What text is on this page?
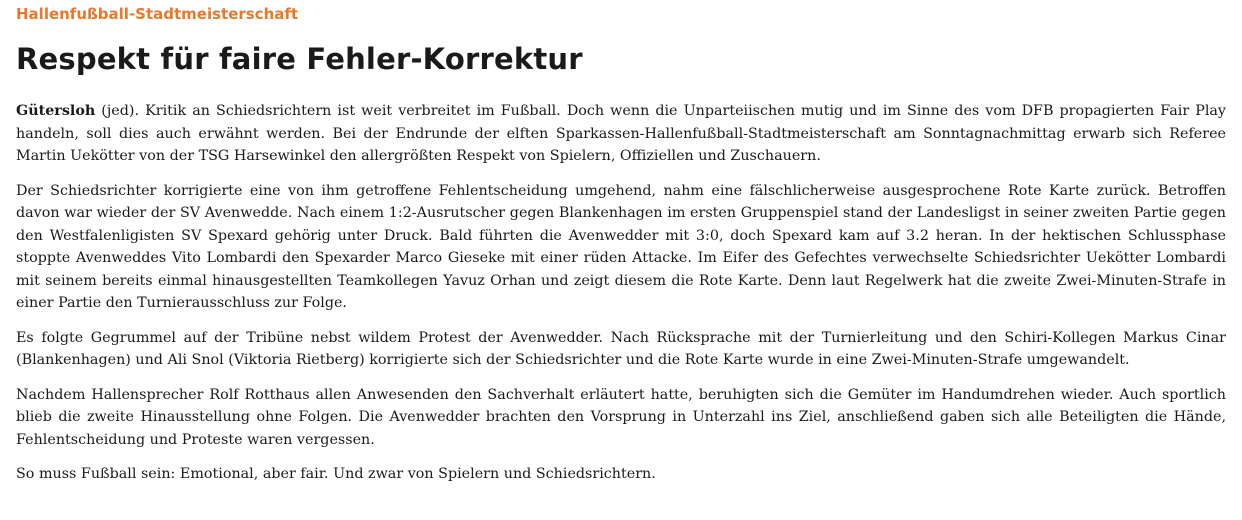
Hallenfußball-Stadtmeisterschaft
Respekt für faire Fehler-Korrektur

Gütersloh (jed). Kritik an Schiedsrichtern ist weit verbreitet im Fußball. Doch wenn die Unparteiischen mutig und im Sinne des vom DFB propagierten Fair Play handeln, soll dies auch erwähnt werden. Bei der Endrunde der elften Sparkassen-Hallenfußball-Stadtmeisterschaft am Sonntagnachmittag erwarb sich Referee Martin Uekötter von der TSG Harsewinkel den allergrößten Respekt von Spielern, Offiziellen und Zuschauern.

Der Schiedsrichter korrigierte eine von ihm getroffene Fehlentscheidung umgehend, nahm eine fälschlicherweise ausgesprochene Rote Karte zurück. Betroffen davon war wieder der SV Avenwedde. Nach einem 1:2-Ausrutscher gegen Blankenhagen im ersten Gruppenspiel stand der Landesligst in seiner zweiten Partie gegen den Westfalenligisten SV Spexard gehörig unter Druck. Bald führten die Avenwedder mit 3:0, doch Spexard kam auf 3.2 heran. In der hektischen Schlussphase stoppte Avenweddes Vito Lombardi den Spexarder Marco Gieseke mit einer rüden Attacke. Im Eifer des Gefechtes verwechselte Schiedsrichter Uekötter Lombardi mit seinem bereits einmal hinausgestellten Teamkollegen Yavuz Orhan und zeigt diesem die Rote Karte. Denn laut Regelwerk hat die zweite Zwei-Minuten-Strafe in einer Partie den Turnierausschluss zur Folge.

Es folgte Gegrummel auf der Tribüne nebst wildem Protest der Avenwedder. Nach Rücksprache mit der Turnierleitung und den Schiri-Kollegen Markus Cinar (Blankenhagen) und Ali Snol (Viktoria Rietberg) korrigierte sich der Schiedsrichter und die Rote Karte wurde in eine Zwei-Minuten-Strafe umgewandelt.

Nachdem Hallensprecher Rolf Rotthaus allen Anwesenden den Sachverhalt erläutert hatte, beruhigten sich die Gemüter im Handumdrehen wieder. Auch sportlich blieb die zweite Hinausstellung ohne Folgen. Die Avenwedder brachten den Vorsprung in Unterzahl ins Ziel, anschließend gaben sich alle Beteiligten die Hände, Fehlentscheidung und Proteste waren vergessen.

So muss Fußball sein: Emotional, aber fair. Und zwar von Spielern und Schiedsrichtern.
